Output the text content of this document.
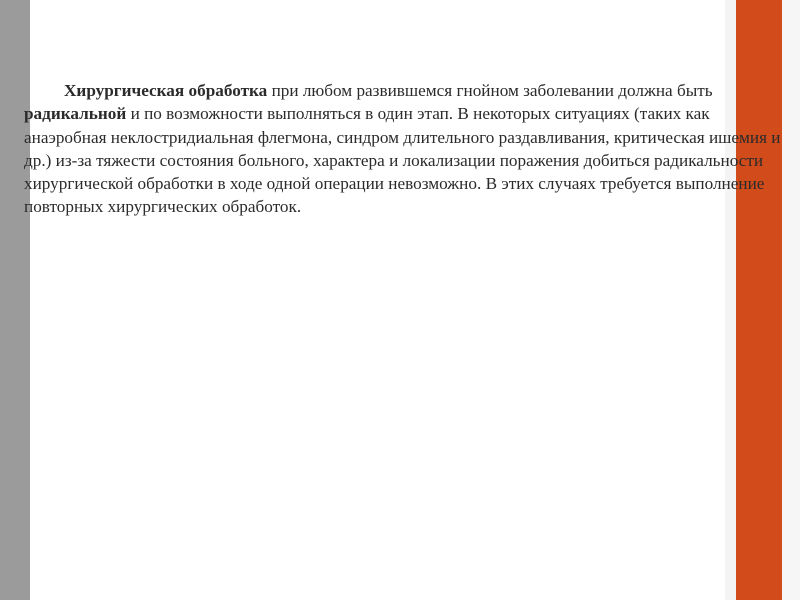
Хирургическая обработка при любом развившемся гнойном заболевании должна быть радикальной и по возможности выполняться в один этап. В некоторых ситуациях (таких как анаэробная неклостридиальная флегмона, синдром длительного раздавливания, критическая ишемия и др.) из-за тяжести состояния больного, характера и локализации поражения добиться радикальности хирургической обработки в ходе одной операции невозможно. В этих случаях требуется выполнение повторных хирургических обработок.
